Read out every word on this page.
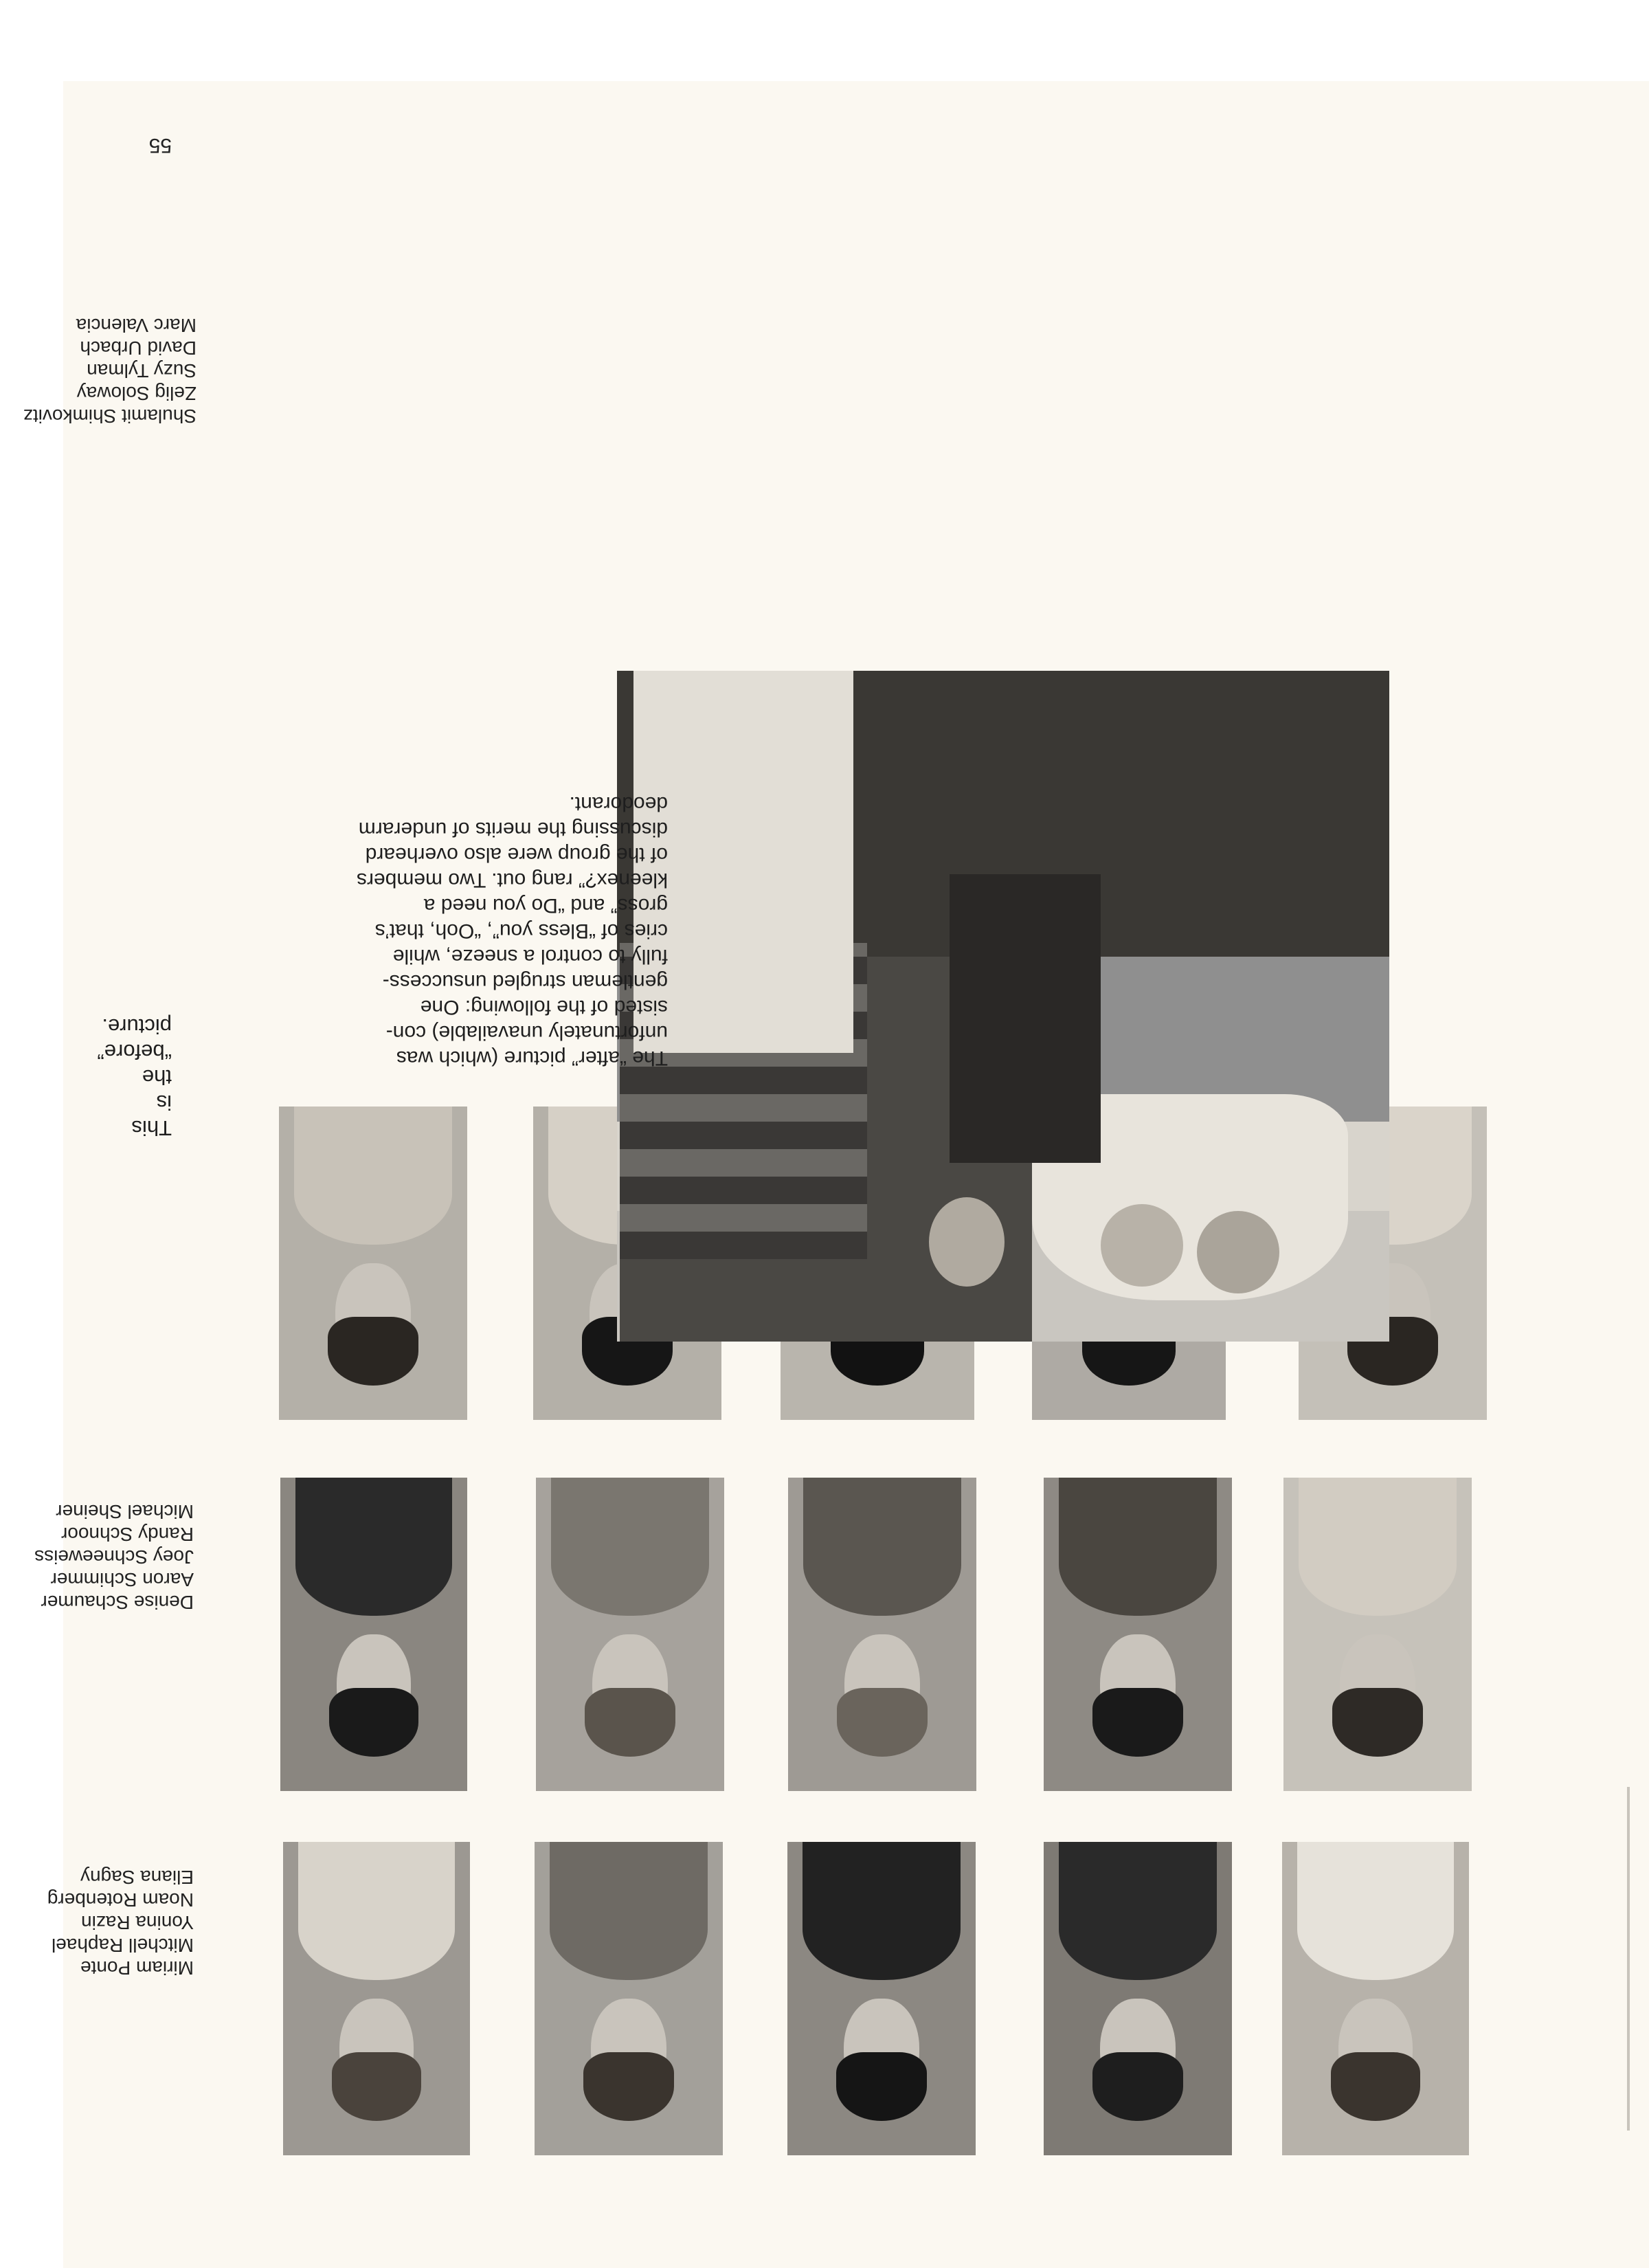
Miriam Ponte
Mitchell Raphael
Yonina Razin
Noam Rotenberg
Eliana Sagny
Denise Schaumer
Aaron Schimmer
Joey Schneeweiss
Randy Schnoor
Michael Sheiner
Shulamit Shimkovitz
Zelig Soloway
Suzy Tylman
David Urbach
Marc Valencia
The “after” picture (which was
unfortunately unavailable) con-
sisted of the following: One
gentleman strugled unsuccess-
fully to control a sneeze, while
cries of “Bless you”, “Ooh, that’s
gross” and “Do you need a
kleenex?” rang out. Two members
of the group were also overheard
discussing the merits of underarm
deodorant.
This
is
the
“before”
picture.
55
